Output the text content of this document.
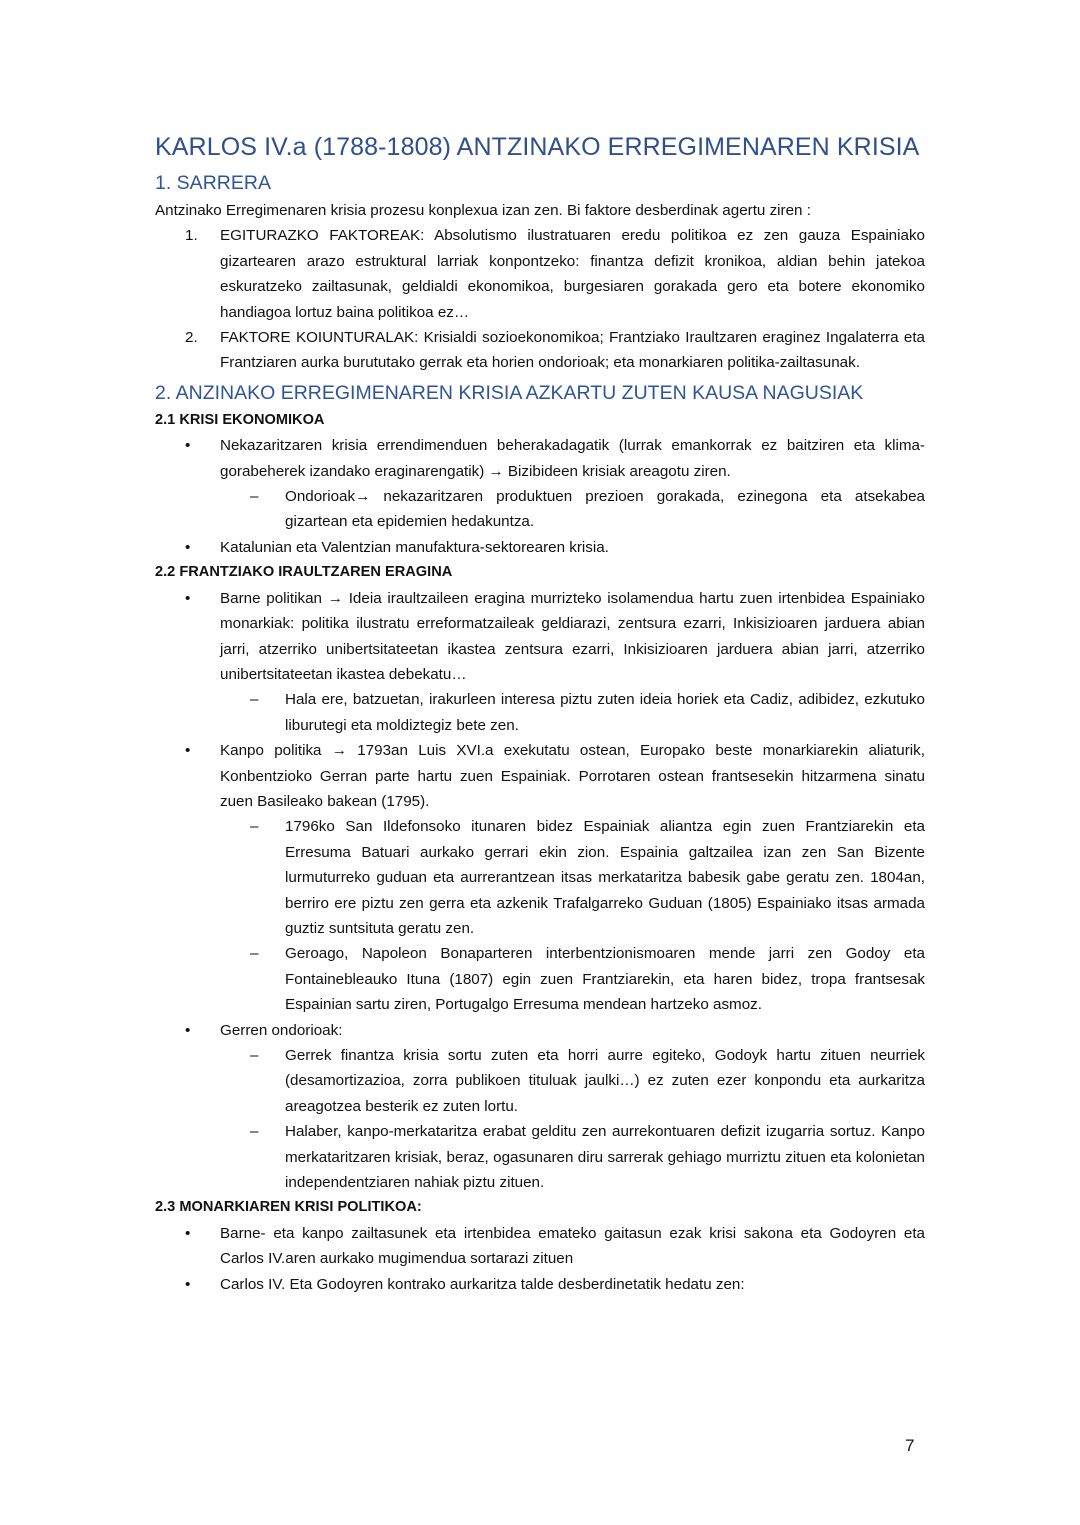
KARLOS IV.a (1788-1808) ANTZINAKO ERREGIMENAREN KRISIA
1. SARRERA

Antzinako Erregimenaren krisia prozesu konplexua izan zen. Bi faktore desberdinak agertu ziren :

1.	EGITURAZKO FAKTOREAK: Absolutismo ilustratuaren eredu politikoa ez zen gauza Espainiako gizartearen arazo estruktural larriak konpontzeko: finantza defizit kronikoa, aldian behin jatekoa eskuratzeko zailtasunak, geldialdi ekonomikoa, burgesiaren gorakada gero eta botere ekonomiko handiagoa lortuz baina politikoa ez…
2.	FAKTORE KOIUNTURALAK: Krisialdi sozioekonomikoa; Frantziako Iraultzaren eraginez Ingalaterra eta Frantziaren aurka burututako gerrak eta horien ondorioak; eta monarkiaren politika-zailtasunak.
2. ANZINAKO ERREGIMENAREN KRISIA AZKARTU ZUTEN KAUSA NAGUSIAK
2.1 KRISI EKONOMIKOA
•	Nekazaritzaren krisia errendimenduen beherakadagatik (lurrak emankorrak ez baitziren eta klima-gorabeherek izandako eraginarengatik) → Bizibideen krisiak areagotu ziren.
–	Ondorioak→ nekazaritzaren produktuen prezioen gorakada, ezinegona eta atsekabea gizartean eta epidemien hedakuntza.
•	Katalunian eta Valentzian manufaktura-sektorearen krisia.
2.2 FRANTZIAKO IRAULTZAREN ERAGINA
•	Barne politikan → Ideia iraultzaileen eragina murrizteko isolamendua hartu zuen irtenbidea Espainiako monarkiak: politika ilustratu erreformatzaileak geldiarazi, zentsura ezarri, Inkisizioaren jarduera abian jarri, atzerriko unibertsitateetan ikastea zentsura ezarri, Inkisizioaren jarduera abian jarri, atzerriko unibertsitateetan ikastea debekatu…
–	Hala ere, batzuetan, irakurleen interesa piztu zuten ideia horiek eta Cadiz, adibidez, ezkutuko liburutegi eta moldiztegiz bete zen.
•	Kanpo politika → 1793an Luis XVI.a exekutatu ostean, Europako beste monarkiarekin aliaturik, Konbentzioko Gerran parte hartu zuen Espainiak. Porrotaren ostean frantsesekin hitzarmena sinatu zuen Basileako bakean (1795).
–	1796ko San Ildefonsoko itunaren bidez Espainiak aliantza egin zuen Frantziarekin eta Erresuma Batuari aurkako gerrari ekin zion. Espainia galtzailea izan zen San Bizente lurmuturreko guduan eta aurrerantzean itsas merkataritza babesik gabe geratu zen. 1804an, berriro ere piztu zen gerra eta azkenik Trafalgarreko Guduan (1805) Espainiako itsas armada guztiz suntsituta geratu zen.
–	Geroago, Napoleon Bonaparteren interbentzionismoaren mende jarri zen Godoy eta Fontainebleauko Ituna (1807) egin zuen Frantziarekin, eta haren bidez, tropa frantsesak Espainian sartu ziren, Portugalgo Erresuma mendean hartzeko asmoz.
•	Gerren ondorioak:
–	Gerrek finantza krisia sortu zuten eta horri aurre egiteko, Godoyk hartu zituen neurriek (desamortizazioa, zorra publikoen tituluak jaulki…) ez zuten ezer konpondu eta aurkaritza areagotzea besterik ez zuten lortu.
–	Halaber, kanpo-merkataritza erabat gelditu zen aurrekontuaren defizit izugarria sortuz. Kanpo merkataritzaren krisiak, beraz, ogasunaren diru sarrerak gehiago murriztu zituen eta kolonietan independentziaren nahiak piztu zituen.
2.3 MONARKIAREN KRISI POLITIKOA:
•	Barne- eta kanpo zailtasunek eta irtenbidea emateko gaitasun ezak krisi sakona eta Godoyren eta Carlos IV.aren aurkako mugimendua sortarazi zituen
•	Carlos IV. Eta Godoyren kontrako aurkaritza talde desberdinetatik hedatu zen:
7
